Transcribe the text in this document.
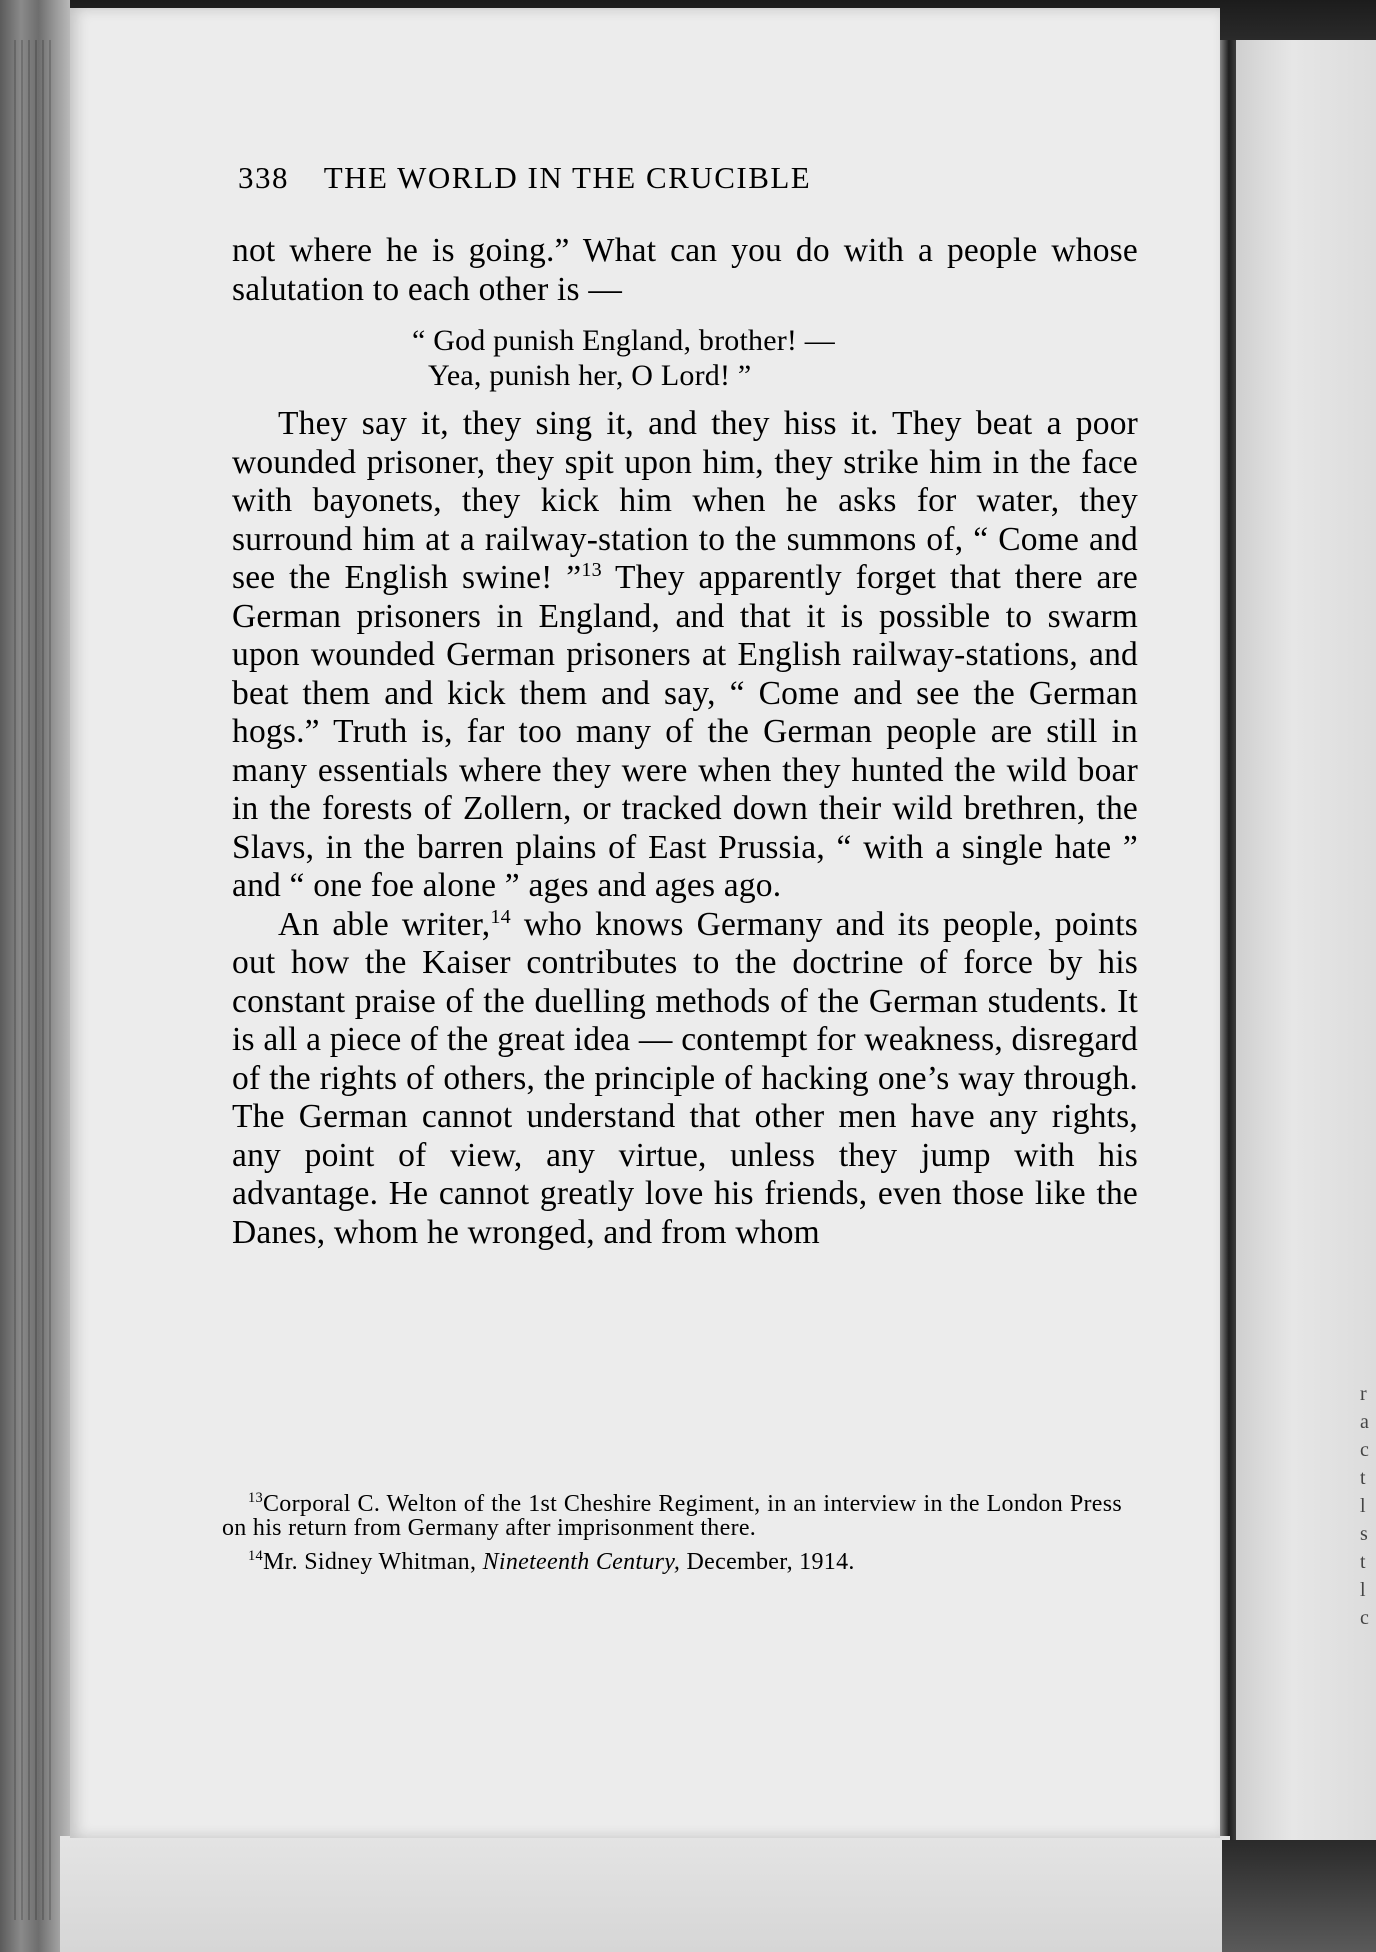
r
a
c
t
l
s
t
l
c
338 THE WORLD IN THE CRUCIBLE

not where he is going.” What can you do with a people whose salutation to each other is —

“ God punish England, brother! —
Yea, punish her, O Lord! ”

They say it, they sing it, and they hiss it. They beat a poor wounded prisoner, they spit upon him, they strike him in the face with bayonets, they kick him when he asks for water, they surround him at a railway-station to the summons of, “ Come and see the English swine! ”$^{13}$ They apparently forget that there are German prisoners in England, and that it is possible to swarm upon wounded German prisoners at English railway-stations, and beat them and kick them and say, “ Come and see the German hogs.” Truth is, far too many of the German people are still in many essentials where they were when they hunted the wild boar in the forests of Zollern, or tracked down their wild brethren, the Slavs, in the barren plains of East Prussia, “ with a single hate ” and “ one foe alone ” ages and ages ago.

An able writer,$^{14}$ who knows Germany and its people, points out how the Kaiser contributes to the doctrine of force by his constant praise of the duelling methods of the German students. It is all a piece of the great idea — contempt for weakness, disregard of the rights of others, the principle of hacking one’s way through. The German cannot understand that other men have any rights, any point of view, any virtue, unless they jump with his advantage. He cannot greatly love his friends, even those like the Danes, whom he wronged, and from whom

$^{13}$Corporal C. Welton of the 1st Cheshire Regiment, in an interview in the London Press on his return from Germany after imprisonment there.

$^{14}$Mr. Sidney Whitman, Nineteenth Century, December, 1914.
